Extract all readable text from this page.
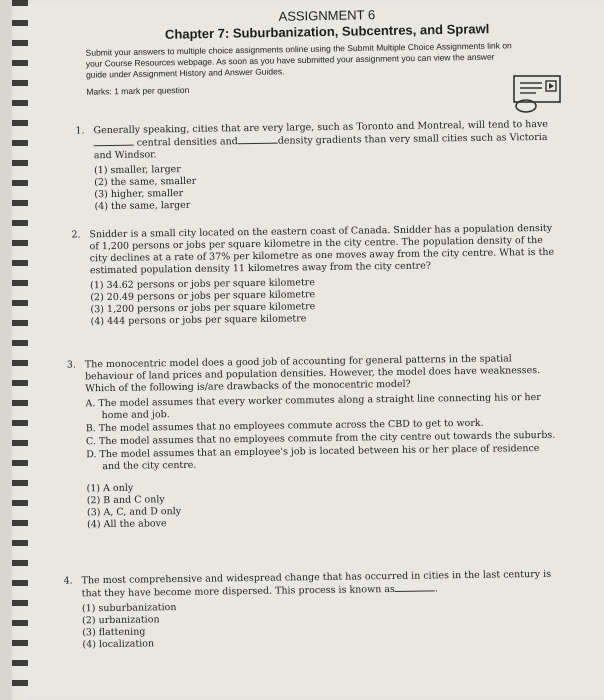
ASSIGNMENT 6
Chapter 7: Suburbanization, Subcentres, and Sprawl

Submit your answers to multiple choice assignments online using the Submit Multiple Choice Assignments link on your Course Resources webpage. As soon as you have submitted your assignment you can view the answer guide under Assignment History and Answer Guides.

Marks: 1 mark per question

1. Generally speaking, cities that are very large, such as Toronto and Montreal, will tend to have central densities and	density gradients than very small cities such as Victoria and Windsor.
(1) smaller, larger
(2) the same, smaller
(3) higher, smaller
(4) the same, larger
2. Snidder is a small city located on the eastern coast of Canada. Snidder has a population density of 1,200 persons or jobs per square kilometre in the city centre. The population density of the city declines at a rate of 37% per kilometre as one moves away from the city centre. What is the estimated population density 11 kilometres away from the city centre?
(1) 34.62 persons or jobs per square kilometre
(2) 20.49 persons or jobs per square kilometre
(3) 1,200 persons or jobs per square kilometre
(4) 444 persons or jobs per square kilometre
3. The monocentric model does a good job of accounting for general patterns in the spatial behaviour of land prices and population densities. However, the model does have weaknesses. Which of the following is/are drawbacks of the monocentric model?
A. The model assumes that every worker commutes along a straight line connecting his or her home and job.
B. The model assumes that no employees commute across the CBD to get to work.
C. The model assumes that no employees commute from the city centre out towards the suburbs.
D. The model assumes that an employee's job is located between his or her place of residence and the city centre.
(1) A only
(2) B and C only
(3) A, C, and D only
(4) All the above
4. The most comprehensive and widespread change that has occurred in cities in the last century is that they have become more dispersed. This process is known as	.
(1) suburbanization
(2) urbanization
(3) flattening
(4) localization
